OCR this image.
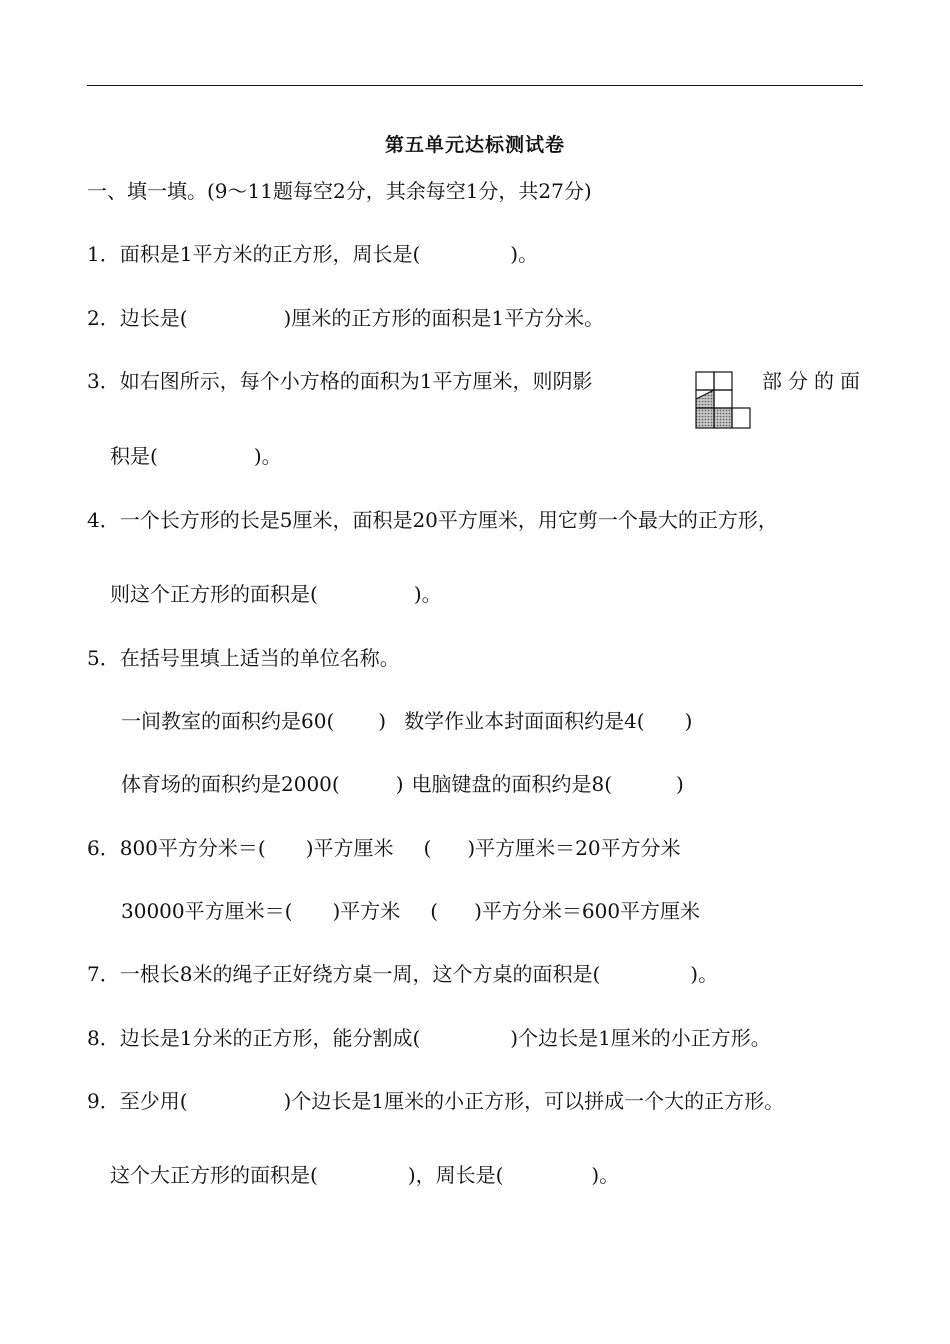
第五单元达标测试卷
一、填一填。(9～11题每空2分，其余每空1分，共27分)
1．面积是1平方米的正方形，周长是(	)。
2．边长是(	)厘米的正方形的面积是1平方分米。
3．如右图所示，每个小方格的面积为1平方厘米，则阴影	部分的面
积是(	)。
4．一个长方形的长是5厘米，面积是20平方厘米，用它剪一个最大的正方形，
则这个正方形的面积是(	)。
5．在括号里填上适当的单位名称。
一间教室的面积约是60( ) 数学作业本封面面积约是4( )
体育场的面积约是2000(	) 电脑键盘的面积约是8(	)
6．800平方分米＝( )平方厘米 ( )平方厘米＝20平方分米
30000平方厘米＝( )平方米 ( )平方分米＝600平方厘米
7．一根长8米的绳子正好绕方桌一周，这个方桌的面积是(	)。
8．边长是1分米的正方形，能分割成(	)个边长是1厘米的小正方形。
9．至少用(	)个边长是1厘米的小正方形，可以拼成一个大的正方形。
这个大正方形的面积是(	)，周长是(	)。
